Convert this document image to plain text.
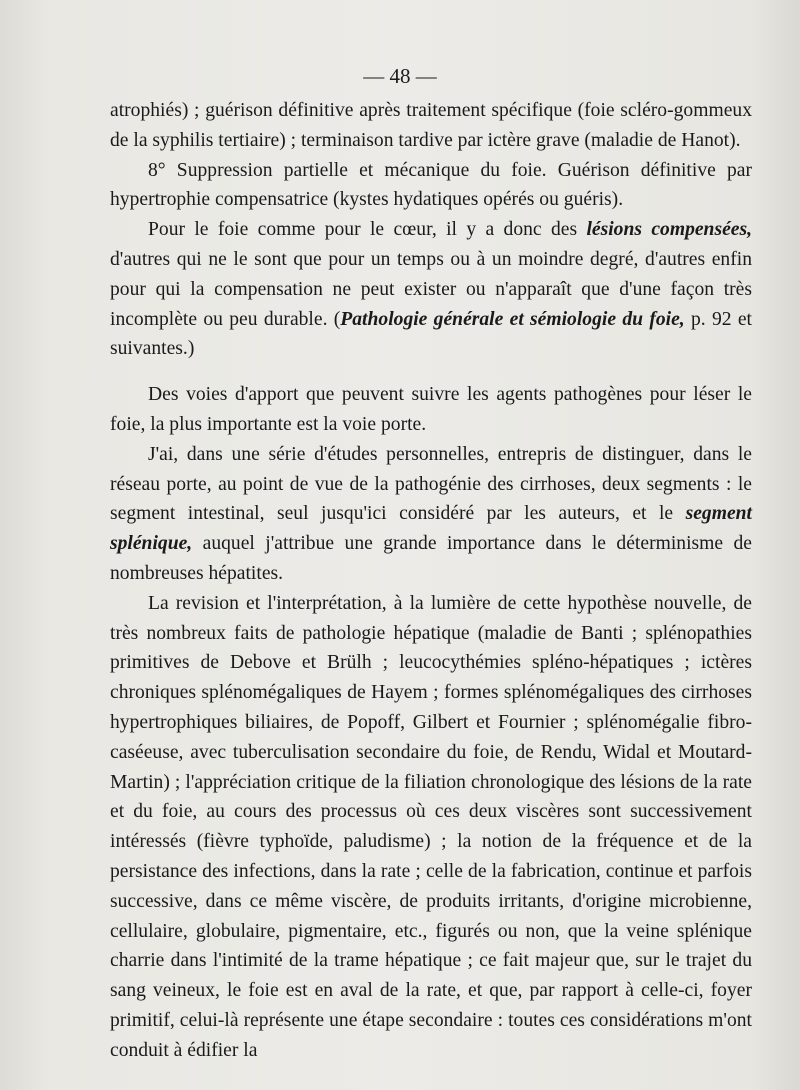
— 48 —

atrophiés) ; guérison définitive après traitement spécifique (foie scléro-gommeux de la syphilis tertiaire) ; terminaison tardive par ictère grave (maladie de Hanot).

8° Suppression partielle et mécanique du foie. Guérison définitive par hypertrophie compensatrice (kystes hydatiques opérés ou guéris).

Pour le foie comme pour le cœur, il y a donc des lésions compensées, d'autres qui ne le sont que pour un temps ou à un moindre degré, d'autres enfin pour qui la compensation ne peut exister ou n'apparaît que d'une façon très incomplète ou peu durable. (Pathologie générale et sémiologie du foie, p. 92 et suivantes.)

Des voies d'apport que peuvent suivre les agents pathogènes pour léser le foie, la plus importante est la voie porte.

J'ai, dans une série d'études personnelles, entrepris de distinguer, dans le réseau porte, au point de vue de la pathogénie des cirrhoses, deux segments : le segment intestinal, seul jusqu'ici considéré par les auteurs, et le segment splénique, auquel j'attribue une grande importance dans le déterminisme de nombreuses hépatites.

La revision et l'interprétation, à la lumière de cette hypothèse nouvelle, de très nombreux faits de pathologie hépatique (maladie de Banti ; splénopathies primitives de Debove et Brülh ; leucocythémies spléno-hépatiques ; ictères chroniques splénomégaliques de Hayem ; formes splénomégaliques des cirrhoses hypertrophiques biliaires, de Popoff, Gilbert et Fournier ; splénomégalie fibro-caséeuse, avec tuberculisation secondaire du foie, de Rendu, Widal et Moutard-Martin) ; l'appréciation critique de la filiation chronologique des lésions de la rate et du foie, au cours des processus où ces deux viscères sont successivement intéressés (fièvre typhoïde, paludisme) ; la notion de la fréquence et de la persistance des infections, dans la rate ; celle de la fabrication, continue et parfois successive, dans ce même viscère, de produits irritants, d'origine microbienne, cellulaire, globulaire, pigmentaire, etc., figurés ou non, que la veine splénique charrie dans l'intimité de la trame hépatique ; ce fait majeur que, sur le trajet du sang veineux, le foie est en aval de la rate, et que, par rapport à celle-ci, foyer primitif, celui-là représente une étape secondaire : toutes ces considérations m'ont conduit à édifier la
